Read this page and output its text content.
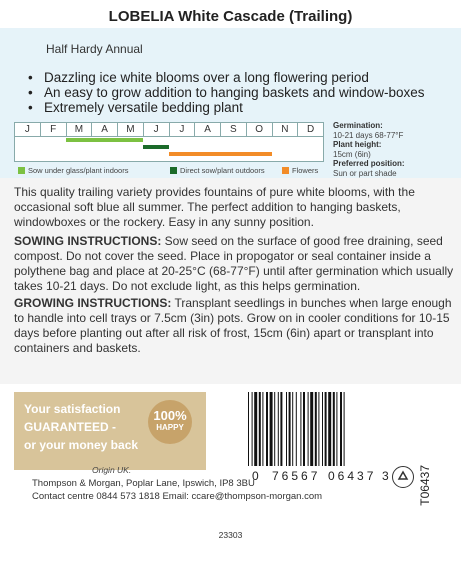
LOBELIA White Cascade (Trailing)
Half Hardy Annual
• Dazzling ice white blooms over a long flowering period
• An easy to grow addition to hanging baskets and window-boxes
• Extremely versatile bedding plant
J	F	M	A	M	J	J	A	S	O	N	D
Sow under glass/plant indoors	Direct sow/plant outdoors	Flowers
Germination:
10-21 days 68-77°F
Plant height:
15cm (6in)
Preferred position:
Sun or part shade
This quality trailing variety provides fountains of pure white blooms, with the occasional soft blue all summer. The perfect addition to hanging baskets, windowboxes or the rockery. Easy in any sunny position.
SOWING INSTRUCTIONS: Sow seed on the surface of good free draining, seed compost. Do not cover the seed. Place in propogator or seal container inside a polythene bag and place at 20-25°C (68-77°F) until after germination which usually takes 10-21 days. Do not exclude light, as this helps germination.
GROWING INSTRUCTIONS: Transplant seedlings in bunches when large enough to handle into cell trays or 7.5cm (3in) pots. Grow on in cooler conditions for 10-15 days before planting out after all risk of frost, 15cm (6in) apart or transplant into containers and baskets.
Your satisfaction
GUARANTEED -
or your money back
100%
HAPPY
0 76567 06437 3 T06437
Origin UK.
Thompson & Morgan, Poplar Lane, Ipswich, IP8 3BU
Contact centre 0844 573 1818 Email: ccare@thompson-morgan.com
23303
